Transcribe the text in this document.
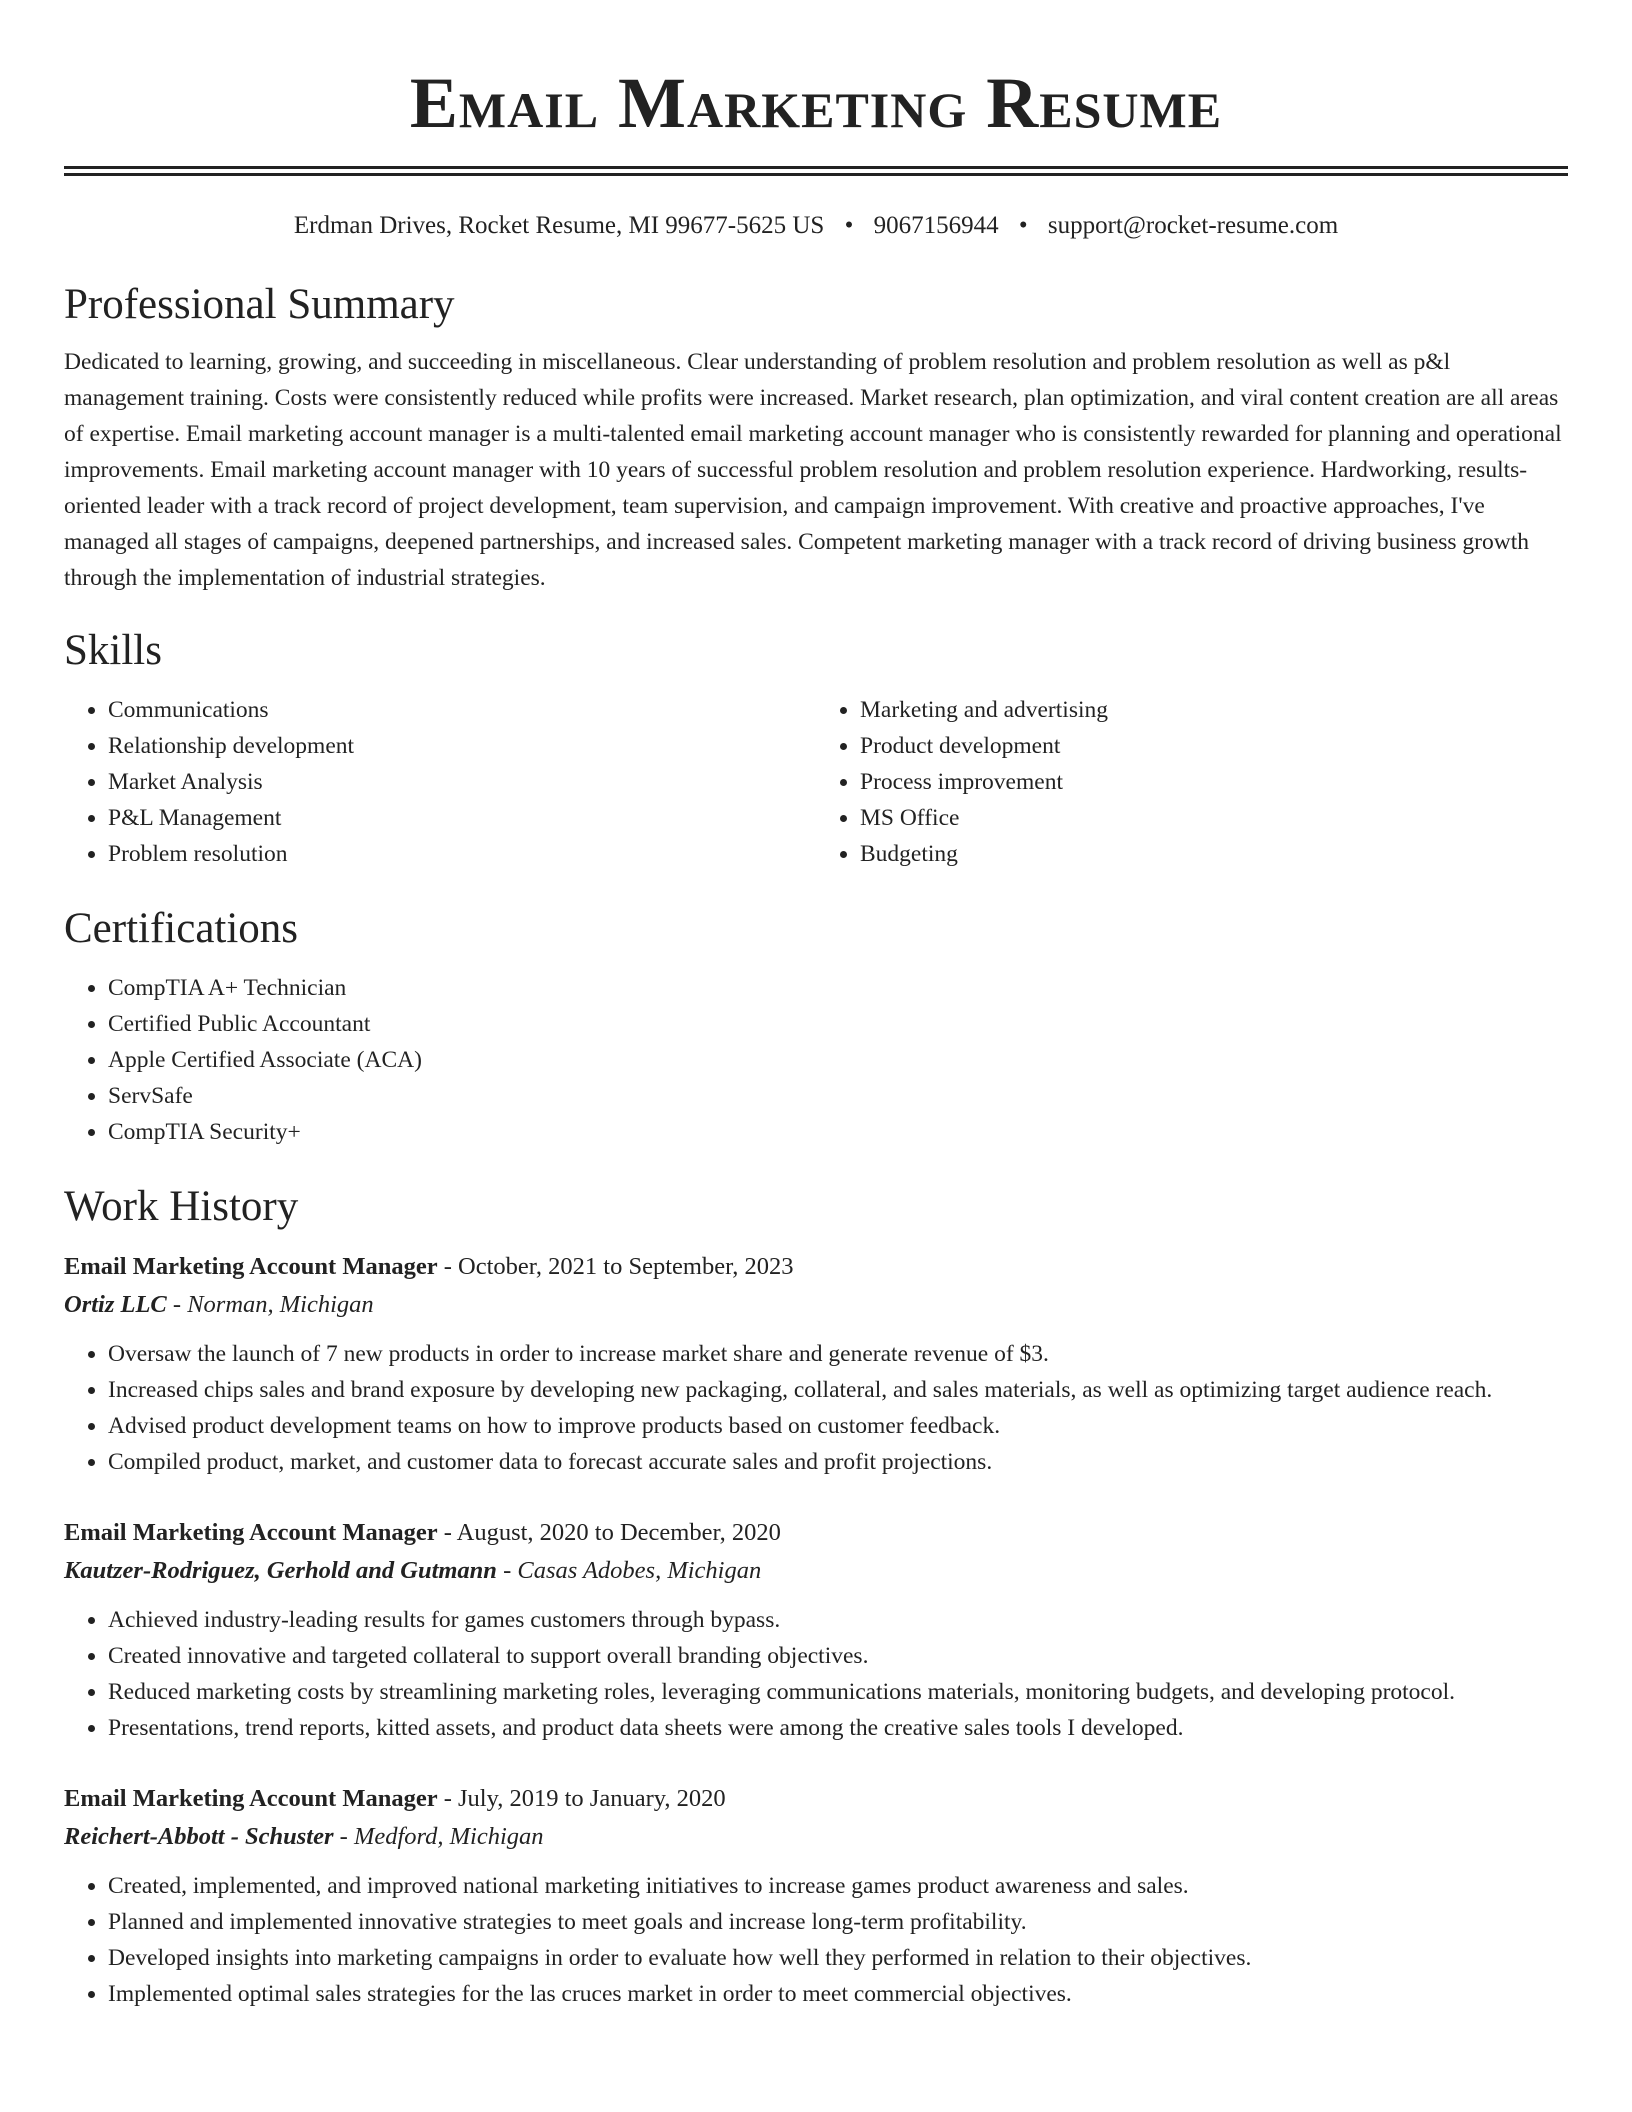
Email Marketing Resume
Erdman Drives, Rocket Resume, MI 99677-5625 US • 9067156944 • support@rocket-resume.com
Professional Summary

Dedicated to learning, growing, and succeeding in miscellaneous. Clear understanding of problem resolution and problem resolution as well as p&l management training. Costs were consistently reduced while profits were increased. Market research, plan optimization, and viral content creation are all areas of expertise. Email marketing account manager is a multi-talented email marketing account manager who is consistently rewarded for planning and operational improvements. Email marketing account manager with 10 years of successful problem resolution and problem resolution experience. Hardworking, results-oriented leader with a track record of project development, team supervision, and campaign improvement. With creative and proactive approaches, I've managed all stages of campaigns, deepened partnerships, and increased sales. Competent marketing manager with a track record of driving business growth through the implementation of industrial strategies.

Skills
• Communications
• Relationship development
• Market Analysis
• P&L Management
• Problem resolution
• Marketing and advertising
• Product development
• Process improvement
• MS Office
• Budgeting
Certifications
• CompTIA A+ Technician
• Certified Public Accountant
• Apple Certified Associate (ACA)
• ServSafe
• CompTIA Security+
Work History
Email Marketing Account Manager - October, 2021 to September, 2023
Ortiz LLC - Norman, Michigan
• Oversaw the launch of 7 new products in order to increase market share and generate revenue of $3.
• Increased chips sales and brand exposure by developing new packaging, collateral, and sales materials, as well as optimizing target audience reach.
• Advised product development teams on how to improve products based on customer feedback.
• Compiled product, market, and customer data to forecast accurate sales and profit projections.
Email Marketing Account Manager - August, 2020 to December, 2020
Kautzer-Rodriguez, Gerhold and Gutmann - Casas Adobes, Michigan
• Achieved industry-leading results for games customers through bypass.
• Created innovative and targeted collateral to support overall branding objectives.
• Reduced marketing costs by streamlining marketing roles, leveraging communications materials, monitoring budgets, and developing protocol.
• Presentations, trend reports, kitted assets, and product data sheets were among the creative sales tools I developed.
Email Marketing Account Manager - July, 2019 to January, 2020
Reichert-Abbott - Schuster - Medford, Michigan
• Created, implemented, and improved national marketing initiatives to increase games product awareness and sales.
• Planned and implemented innovative strategies to meet goals and increase long-term profitability.
• Developed insights into marketing campaigns in order to evaluate how well they performed in relation to their objectives.
• Implemented optimal sales strategies for the las cruces market in order to meet commercial objectives.
